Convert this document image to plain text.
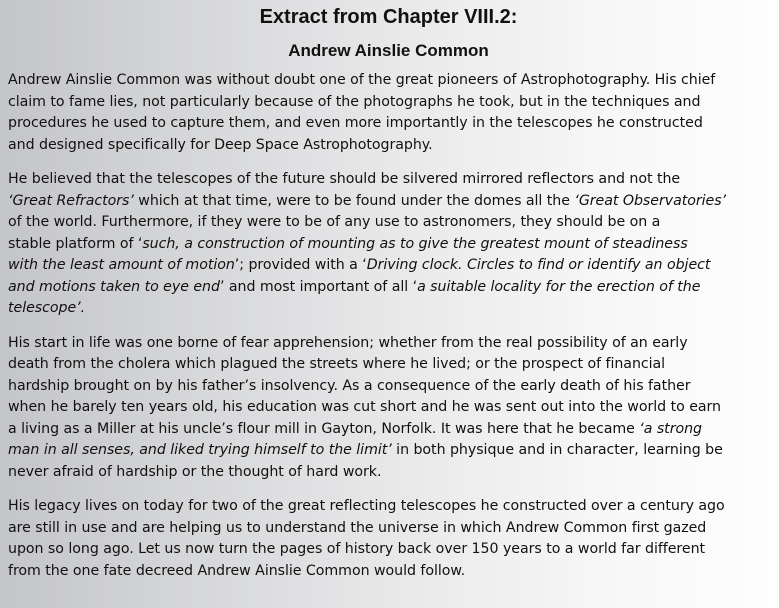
Extract from Chapter VIII.2:
Andrew Ainslie Common

Andrew Ainslie Common was without doubt one of the great pioneers of Astrophotography. His chief
claim to fame lies, not particularly because of the photographs he took, but in the techniques and
procedures he used to capture them, and even more importantly in the telescopes he constructed
and designed specifically for Deep Space Astrophotography.

He believed that the telescopes of the future should be silvered mirrored reflectors and not the
‘Great Refractors’ which at that time, were to be found under the domes all the ‘Great Observatories’
of the world. Furthermore, if they were to be of any use to astronomers, they should be on a
stable platform of ‘such, a construction of mounting as to give the greatest mount of steadiness
with the least amount of motion’; provided with a ‘Driving clock. Circles to find or identify an object
and motions taken to eye end’ and most important of all ‘a suitable locality for the erection of the
telescope’.

His start in life was one borne of fear apprehension; whether from the real possibility of an early
death from the cholera which plagued the streets where he lived; or the prospect of financial
hardship brought on by his father’s insolvency. As a consequence of the early death of his father
when he barely ten years old, his education was cut short and he was sent out into the world to earn
a living as a Miller at his uncle’s flour mill in Gayton, Norfolk. It was here that he became ‘a strong
man in all senses, and liked trying himself to the limit’ in both physique and in character, learning be
never afraid of hardship or the thought of hard work.

His legacy lives on today for two of the great reflecting telescopes he constructed over a century ago
are still in use and are helping us to understand the universe in which Andrew Common first gazed
upon so long ago. Let us now turn the pages of history back over 150 years to a world far different
from the one fate decreed Andrew Ainslie Common would follow.
